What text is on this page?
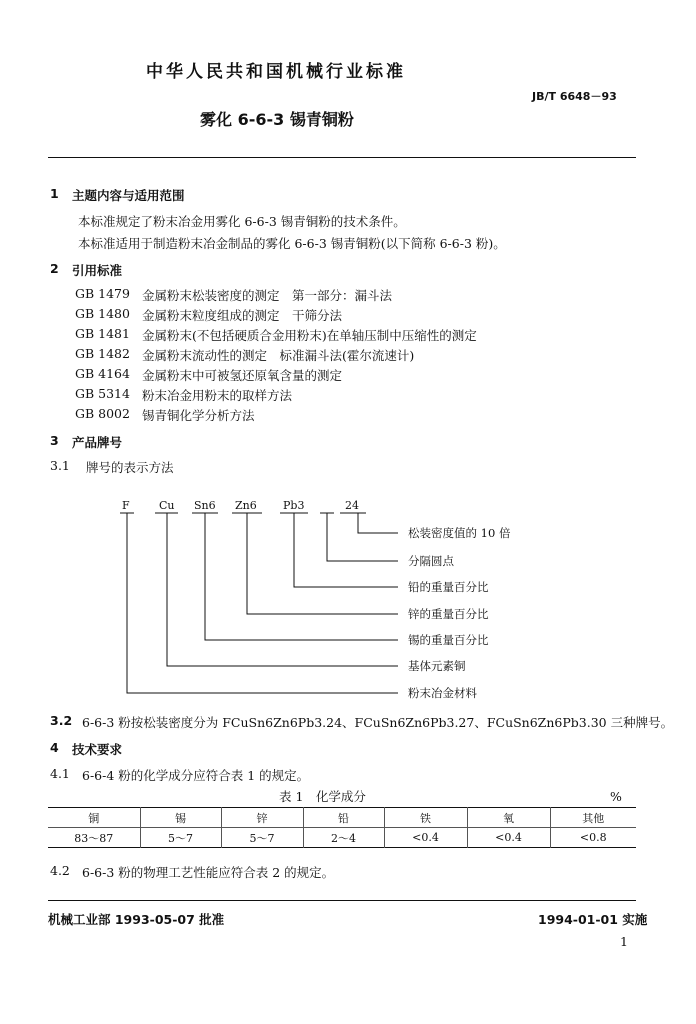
中华人民共和国机械行业标准
JB/T 6648－93
雾化 6-6-3 锡青铜粉
1 主题内容与适用范围
本标准规定了粉末冶金用雾化 6-6-3 锡青铜粉的技术条件。
本标准适用于制造粉末冶金制品的雾化 6-6-3 锡青铜粉(以下简称 6-6-3 粉)。
2 引用标准
GB 1479 金属粉末松装密度的测定　第一部分：漏斗法
GB 1480 金属粉末粒度组成的测定　干筛分法
GB 1481 金属粉末(不包括硬质合金用粉末)在单轴压制中压缩性的测定
GB 1482 金属粉末流动性的测定　标准漏斗法(霍尔流速计)
GB 4164 金属粉末中可被氢还原氧含量的测定
GB 5314 粉末冶金用粉末的取样方法
GB 8002 锡青铜化学分析方法
3 产品牌号
3.1 牌号的表示方法
F	Cu Sn6 Zn6 Pb3	24
松装密度值的 10 倍
分隔圆点
铅的重量百分比
锌的重量百分比
锡的重量百分比
基体元素铜
粉末冶金材料
3.2 6-6-3 粉按松装密度分为 FCuSn6Zn6Pb3.24、FCuSn6Zn6Pb3.27、FCuSn6Zn6Pb3.30 三种牌号。
4 技术要求
4.1 6-6-4 粉的化学成分应符合表 1 的规定。
表 1　化学成分	%
铜	锡	锌	铅	铁	氧	其他
83～87	5～7	5～7	2～4	<0.4	<0.4	<0.8
4.2 6-6-3 粉的物理工艺性能应符合表 2 的规定。
机械工业部 1993-05-07 批准	1994-01-01 实施
1
